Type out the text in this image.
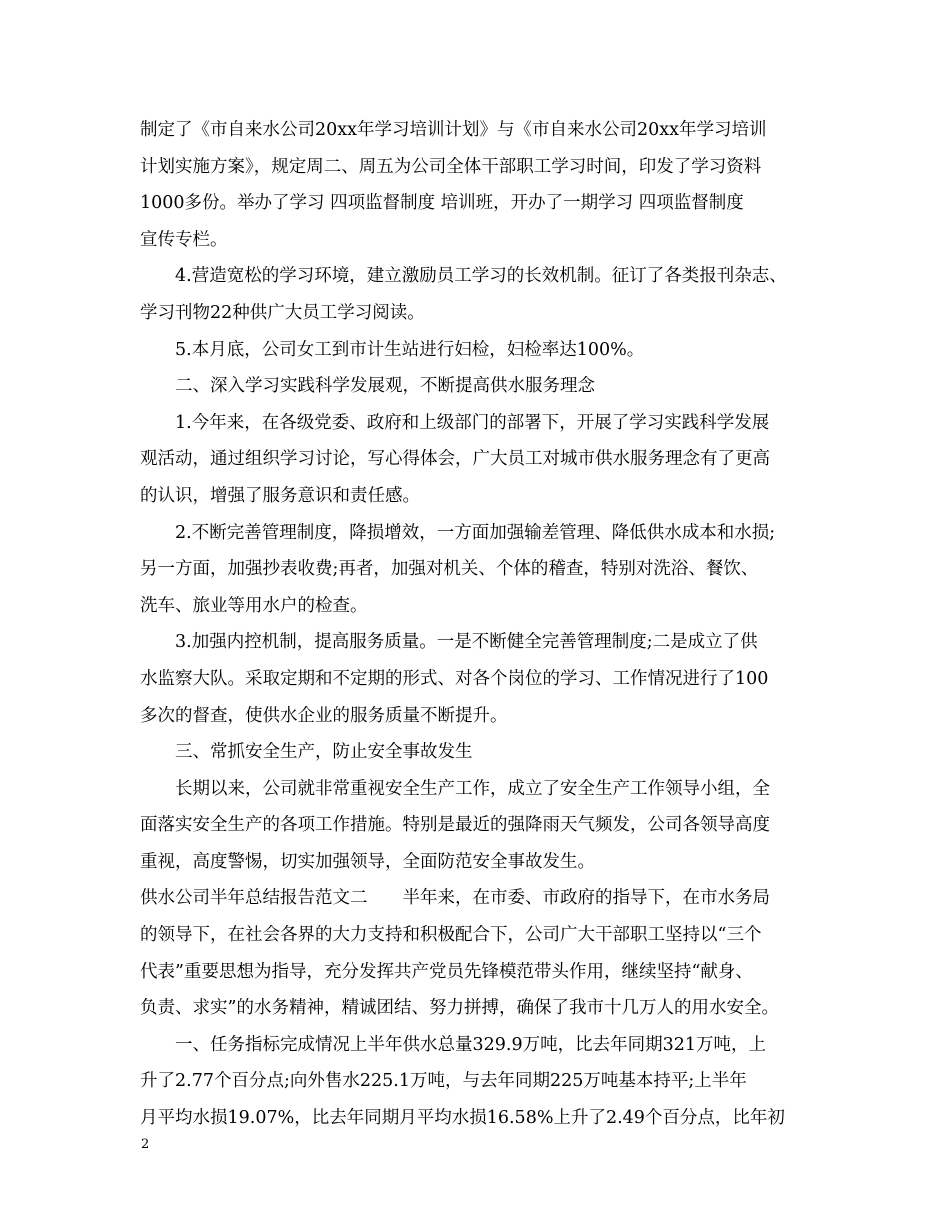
制定了《市自来水公司20xx年学习培训计划》与《市自来水公司20xx年学习培训
计划实施方案》，规定周二、周五为公司全体干部职工学习时间，印发了学习资料
1000多份。举办了学习 四项监督制度 培训班，开办了一期学习 四项监督制度
宣传专栏。
4.营造宽松的学习环境，建立激励员工学习的长效机制。征订了各类报刊杂志、
学习刊物22种供广大员工学习阅读。
5.本月底，公司女工到市计生站进行妇检，妇检率达100%。
二、深入学习实践科学发展观，不断提高供水服务理念
1.今年来，在各级党委、政府和上级部门的部署下，开展了学习实践科学发展
观活动，通过组织学习讨论，写心得体会，广大员工对城市供水服务理念有了更高
的认识，增强了服务意识和责任感。
2.不断完善管理制度，降损增效，一方面加强输差管理、降低供水成本和水损;
另一方面，加强抄表收费;再者，加强对机关、个体的稽查，特别对洗浴、餐饮、
洗车、旅业等用水户的检查。
3.加强内控机制，提高服务质量。一是不断健全完善管理制度;二是成立了供
水监察大队。采取定期和不定期的形式、对各个岗位的学习、工作情况进行了100
多次的督查，使供水企业的服务质量不断提升。
三、常抓安全生产，防止安全事故发生
长期以来，公司就非常重视安全生产工作，成立了安全生产工作领导小组，全
面落实安全生产的各项工作措施。特别是最近的强降雨天气频发，公司各领导高度
重视，高度警惕，切实加强领导，全面防范安全事故发生。
供水公司半年总结报告范文二　　半年来，在市委、市政府的指导下，在市水务局
的领导下，在社会各界的大力支持和积极配合下，公司广大干部职工坚持以“三个
代表”重要思想为指导，充分发挥共产党员先锋模范带头作用，继续坚持“献身、
负责、求实”的水务精神，精诚团结、努力拼搏，确保了我市十几万人的用水安全。
一、任务指标完成情况上半年供水总量329.9万吨，比去年同期321万吨，上
升了2.77个百分点;向外售水225.1万吨，与去年同期225万吨基本持平;上半年
月平均水损19.07%，比去年同期月平均水损16.58%上升了2.49个百分点，比年初
2
